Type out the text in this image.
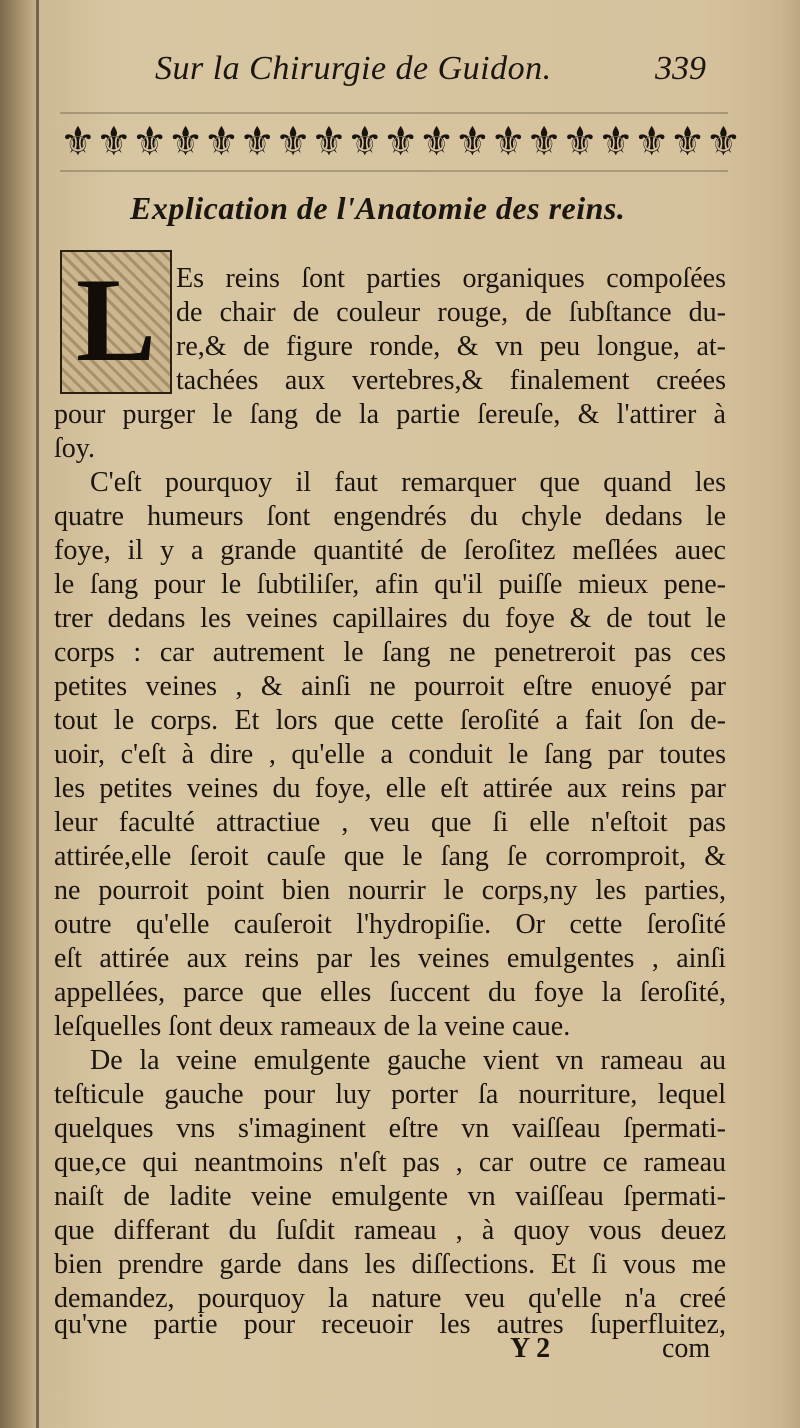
Sur la Chirurgie de Guidon.	339
⚜ ⚜ ⚜ ⚜ ⚜ ⚜ ⚜ ⚜ ⚜ ⚜ ⚜ ⚜ ⚜ ⚜ ⚜ ⚜ ⚜ ⚜ ⚜
Explication de l'Anatomie des reins.
L Es reins ſont parties organiques compoſées
de chair de couleur rouge, de ſubſtance du-
re,& de figure ronde, & vn peu longue, at-
tachées aux vertebres,& finalement creées
pour purger le ſang de la partie ſereuſe, & l'attirer à
ſoy.
C'eſt pourquoy il faut remarquer que quand les
quatre humeurs ſont engendrés du chyle dedans le
foye, il y a grande quantité de ſeroſitez meſlées auec
le ſang pour le ſubtiliſer, afin qu'il puiſſe mieux pene-
trer dedans les veines capillaires du foye & de tout le
corps : car autrement le ſang ne penetreroit pas ces
petites veines , & ainſi ne pourroit eſtre enuoyé par
tout le corps. Et lors que cette ſeroſité a fait ſon de-
uoir, c'eſt à dire , qu'elle a conduit le ſang par toutes
les petites veines du foye, elle eſt attirée aux reins par
leur faculté attractiue , veu que ſi elle n'eſtoit pas
attirée,elle ſeroit cauſe que le ſang ſe corromproit, &
ne pourroit point bien nourrir le corps,ny les parties,
outre qu'elle cauſeroit l'hydropiſie. Or cette ſeroſité
eſt attirée aux reins par les veines emulgentes , ainſi
appellées, parce que elles ſuccent du foye la ſeroſité,
leſquelles ſont deux rameaux de la veine caue.
De la veine emulgente gauche vient vn rameau au
teſticule gauche pour luy porter ſa nourriture, lequel
quelques vns s'imaginent eſtre vn vaiſſeau ſpermati-
que,ce qui neantmoins n'eſt pas , car outre ce rameau
naiſt de ladite veine emulgente vn vaiſſeau ſpermati-
que differant du ſuſdit rameau , à quoy vous deuez
bien prendre garde dans les diſſections. Et ſi vous me
demandez, pourquoy la nature veu qu'elle n'a creé
qu'vne partie pour receuoir les autres ſuperfluitez,
Y 2	com
